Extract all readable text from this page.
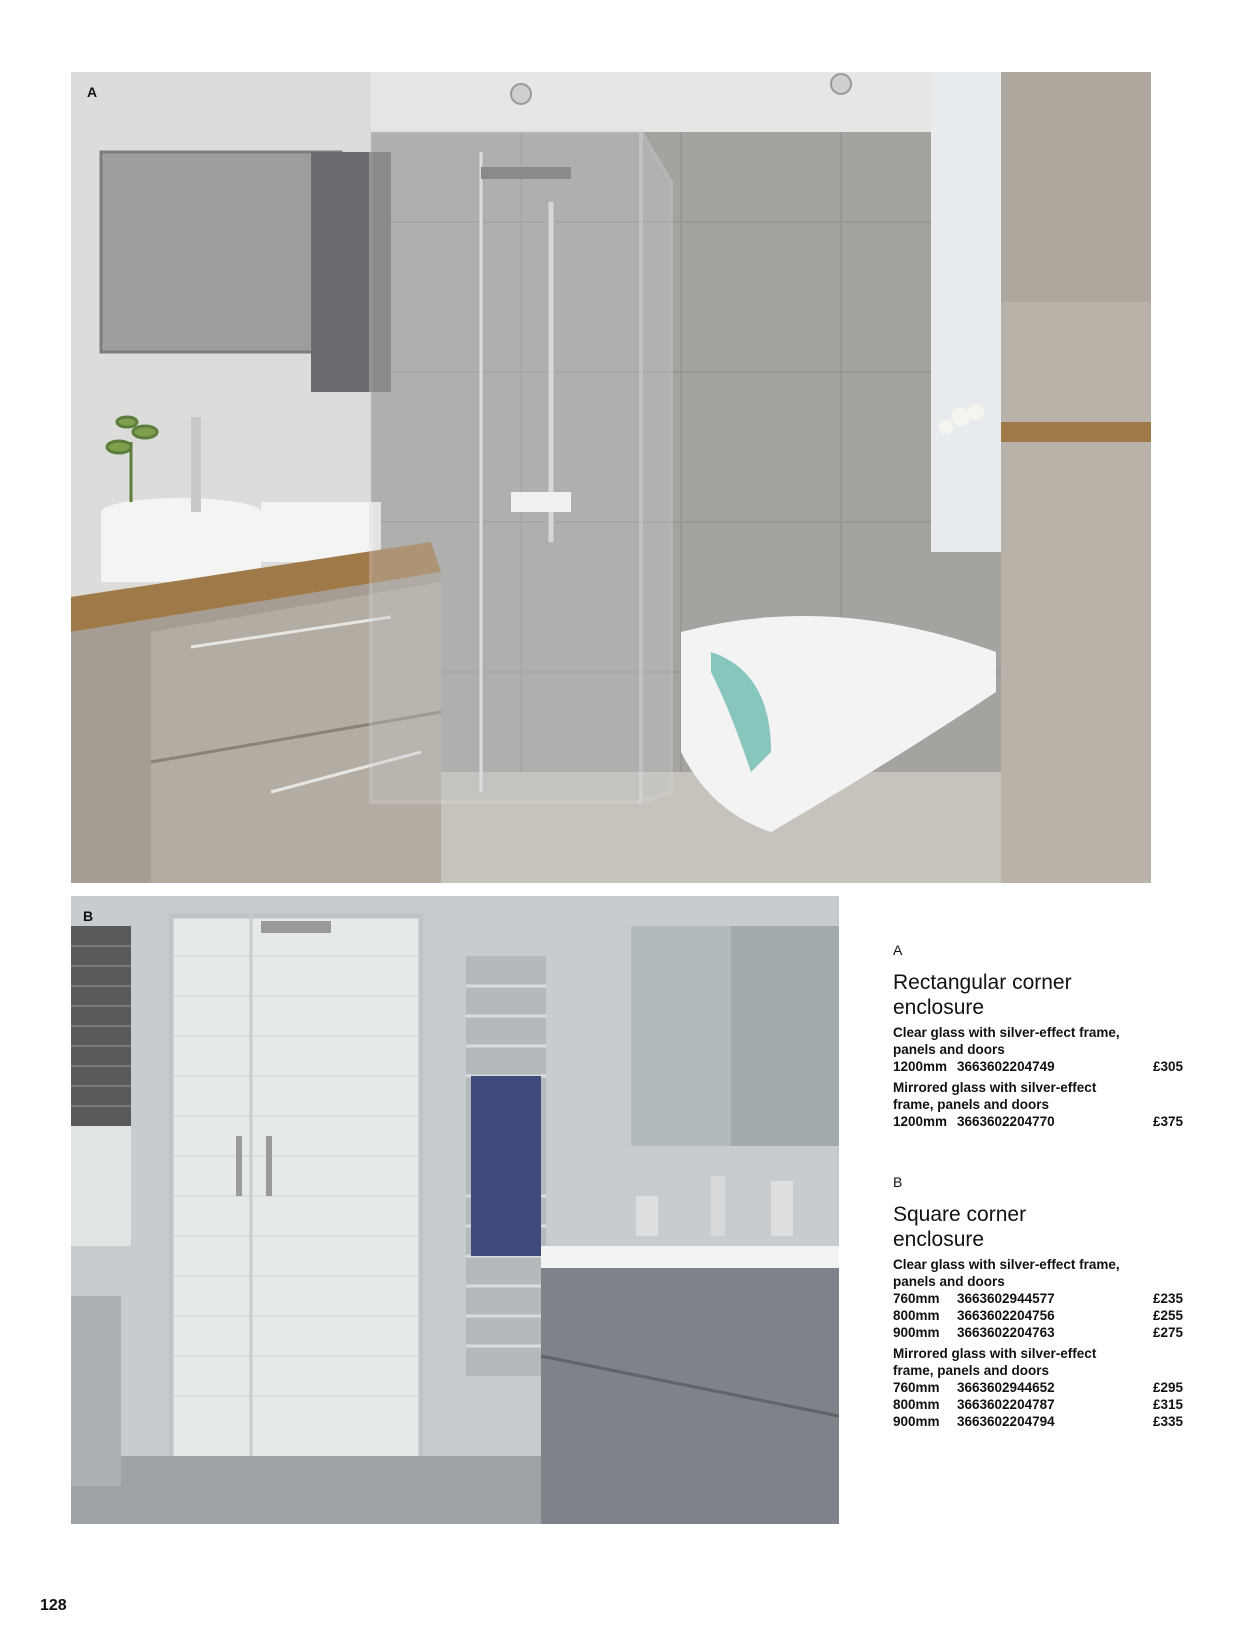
A
B
A
Rectangular corner
enclosure
Clear glass with silver-effect frame,
panels and doors
1200mm 3663602204749	£305
Mirrored glass with silver-effect
frame, panels and doors
1200mm 3663602204770	£375
B
Square corner
enclosure
Clear glass with silver-effect frame,
panels and doors
760mm	3663602944577	£235
800mm	3663602204756	£255
900mm	3663602204763	£275
Mirrored glass with silver-effect
frame, panels and doors
760mm	3663602944652	£295
800mm	3663602204787	£315
900mm	3663602204794	£335
128
